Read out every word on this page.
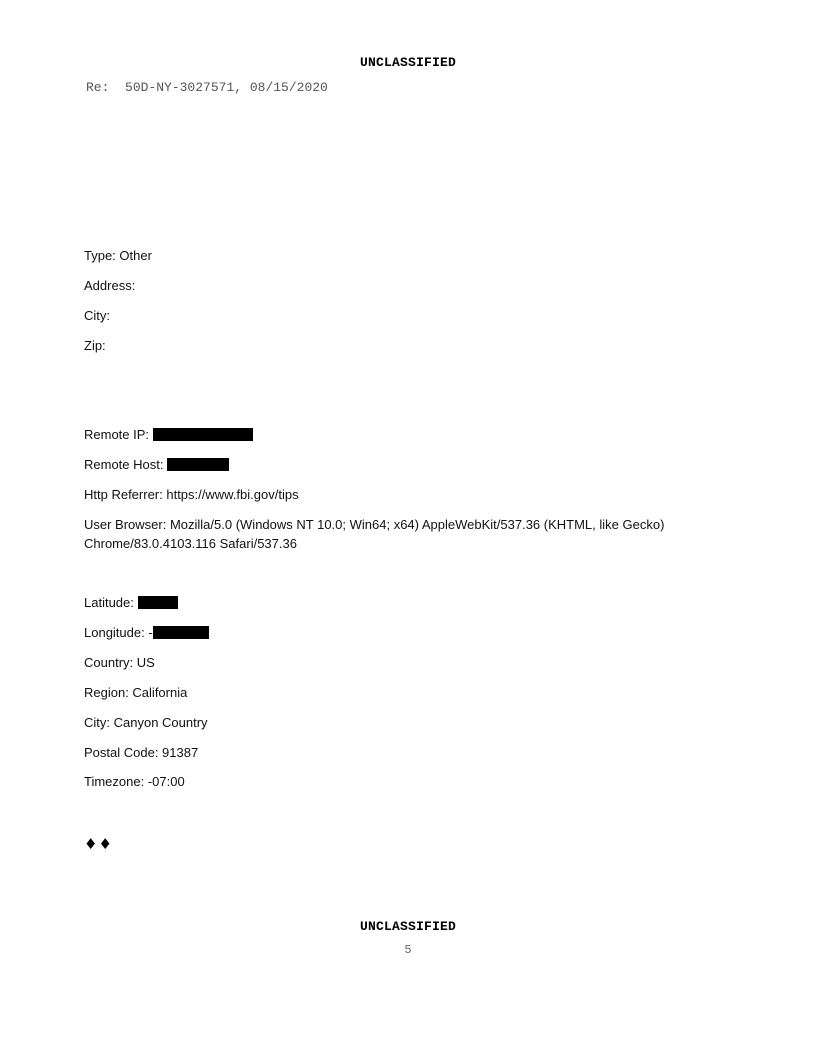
UNCLASSIFIED
Re: 50D-NY-3027571, 08/15/2020
Type: Other
Address:
City:
Zip:
Remote IP:
Remote Host:
Http Referrer: https://www.fbi.gov/tips
User Browser: Mozilla/5.0 (Windows NT 10.0; Win64; x64) AppleWebKit/537.36 (KHTML, like Gecko)
Chrome/83.0.4103.116 Safari/537.36
Latitude:
Longitude: -
Country: US
Region: California
City: Canyon Country
Postal Code: 91387
Timezone: -07:00
♦♦
UNCLASSIFIED
5
